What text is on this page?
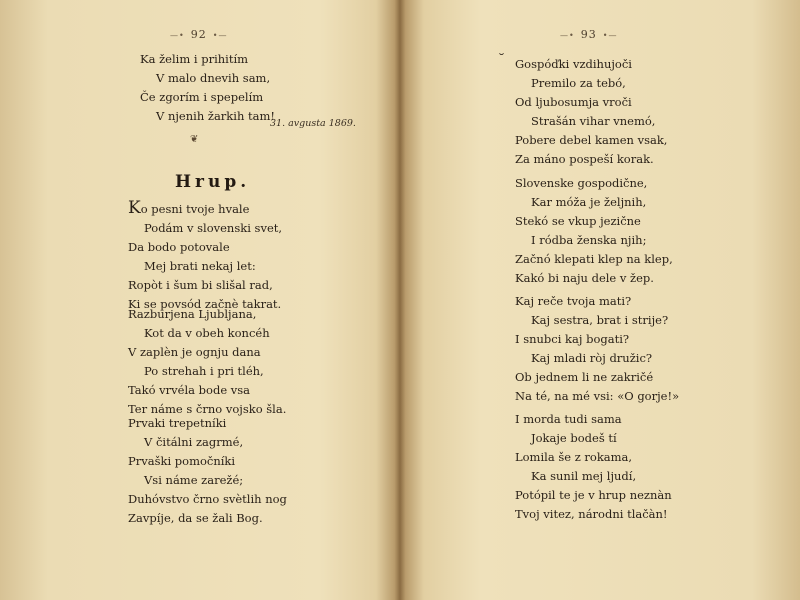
—• 92 •—
Ka želim i prihitím
V malo dnevih sam,
Če zgorím i spepelím
V njenih žarkih tam!
31. avgusta 1869.
❦
Hrup.
Ko pesni tvoje hvale
Podám v slovenski svet,
Da bodo potovale
Mej brati nekaj let:
Ropòt i šum bi slišal rad,
Ki se povsód začnè takrat.
Razburjena Ljubljana,
Kot da v obeh koncéh
V zaplèn je ognju dana
Po strehah i pri tléh,
Takó vrvéla bode vsa
Ter náme s črno vojsko šla.
Prvaki trepetníki
V čitálni zagrmé,
Prvaški pomočníki
Vsi náme zarežé;
Duhóvstvo črno svètlih nog
Zavpíje, da se žali Bog.
—• 93 •—
˘ Gospóďki vzdihujoči
Premilo za tebó,
Od ljubosumja vroči
Strašán vihar vnemó,
Pobere debel kamen vsak,
Za máno pospeší korak.
Slovenske gospodične,
Kar móža je željnih,
Stekó se vkup jezične
I ródba ženska njih;
Začnó klepati klep na klep,
Kakó bi naju dele v žep.
Kaj reče tvoja mati?
Kaj sestra, brat i strije?
I snubci kaj bogati?
Kaj mladi ròj družic?
Ob jednem li ne zakričé
Na té, na mé vsi: «O gorje!»
I morda tudi sama
Jokaje bodeš tí
Lomila še z rokama,
Ka sunil mej ljudí,
Potópil te je v hrup neznàn
Tvoj vitez, národni tlačàn!
